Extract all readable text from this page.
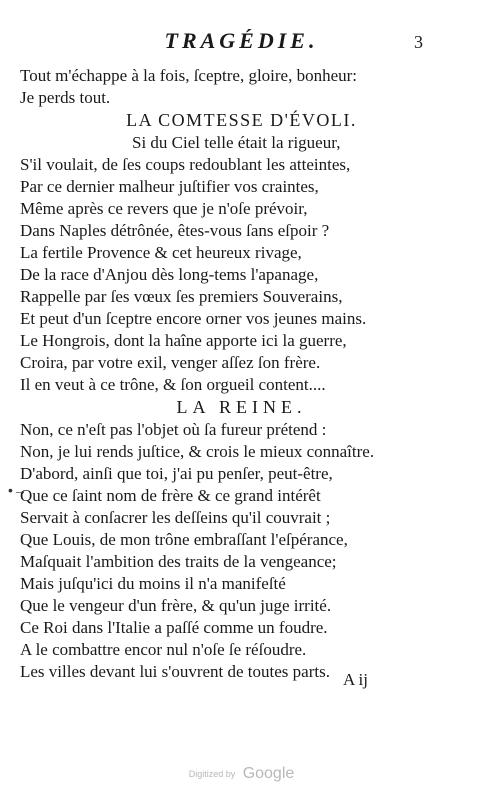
TRAGÉDIE.	3
Tout m'échappe à la fois, ſceptre, gloire, bonheur:
Je perds tout.
LA COMTESSE D'ÉVOLI.
Si du Ciel telle était la rigueur,
S'il voulait, de ſes coups redoublant les atteintes,
Par ce dernier malheur juſtifier vos craintes,
Même après ce revers que je n'oſe prévoir,
Dans Naples détrônée, êtes-vous ſans eſpoir ?
La fertile Provence & cet heureux rivage,
De la race d'Anjou dès long-tems l'apanage,
Rappelle par ſes vœux ſes premiers Souverains,
Et peut d'un ſceptre encore orner vos jeunes mains.
Le Hongrois, dont la haîne apporte ici la guerre,
Croira, par votre exil, venger aſſez ſon frère.
Il en veut à ce trône, & ſon orgueil content....
LA REINE.
Non, ce n'eſt pas l'objet où ſa fureur prétend :
Non, je lui rends juſtice, & crois le mieux connaître.
D'abord, ainſi que toi, j'ai pu penſer, peut-être,
Que ce ſaint nom de frère & ce grand intérêt
Servait à conſacrer les deſſeins qu'il couvrait ;
Que Louis, de mon trône embraſſant l'eſpérance,
Maſquait l'ambition des traits de la vengeance;
Mais juſqu'ici du moins il n'a manifeſté
Que le vengeur d'un frère, & qu'un juge irrité.
Ce Roi dans l'Italie a paſſé comme un foudre.
A le combattre encor nul n'oſe ſe réſoudre.
Les villes devant lui s'ouvrent de toutes parts.
•→
A ij
Digitized by Google
